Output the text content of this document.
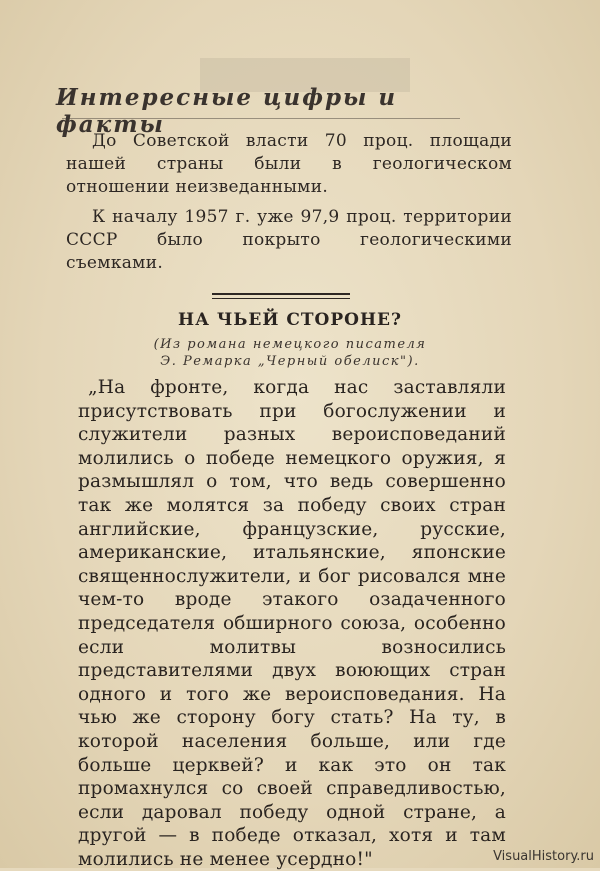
Интересные цифры и факты
До Советской власти 70 проц. площади нашей страны были в геологическом отношении неизведанными.
К началу 1957 г. уже 97,9 проц. территории СССР было покрыто геологическими съемками.
НА ЧЬЕЙ СТОРОНЕ?
(Из романа немецкого писателя
Э. Ремарка „Черный обелиск").
„На фронте, когда нас заставляли присутствовать при богослужении и служители разных вероисповеданий молились о победе немецкого оружия, я размышлял о том, что ведь совершенно так же молятся за победу своих стран английские, французские, русские, американские, итальянские, японские священнослужители, и бог рисовался мне чем-то вроде этакого озадаченного председателя обширного союза, особенно если молитвы возносились представителями двух воюющих стран одного и того же вероисповедания. На чью же сторону богу стать? На ту, в которой населения больше, или где больше церквей? и как это он так промахнулся со своей справедливостью, если даровал победу одной стране, а другой — в победе отказал, хотя и там молились не менее усердно!"	VisualHistory.ru
